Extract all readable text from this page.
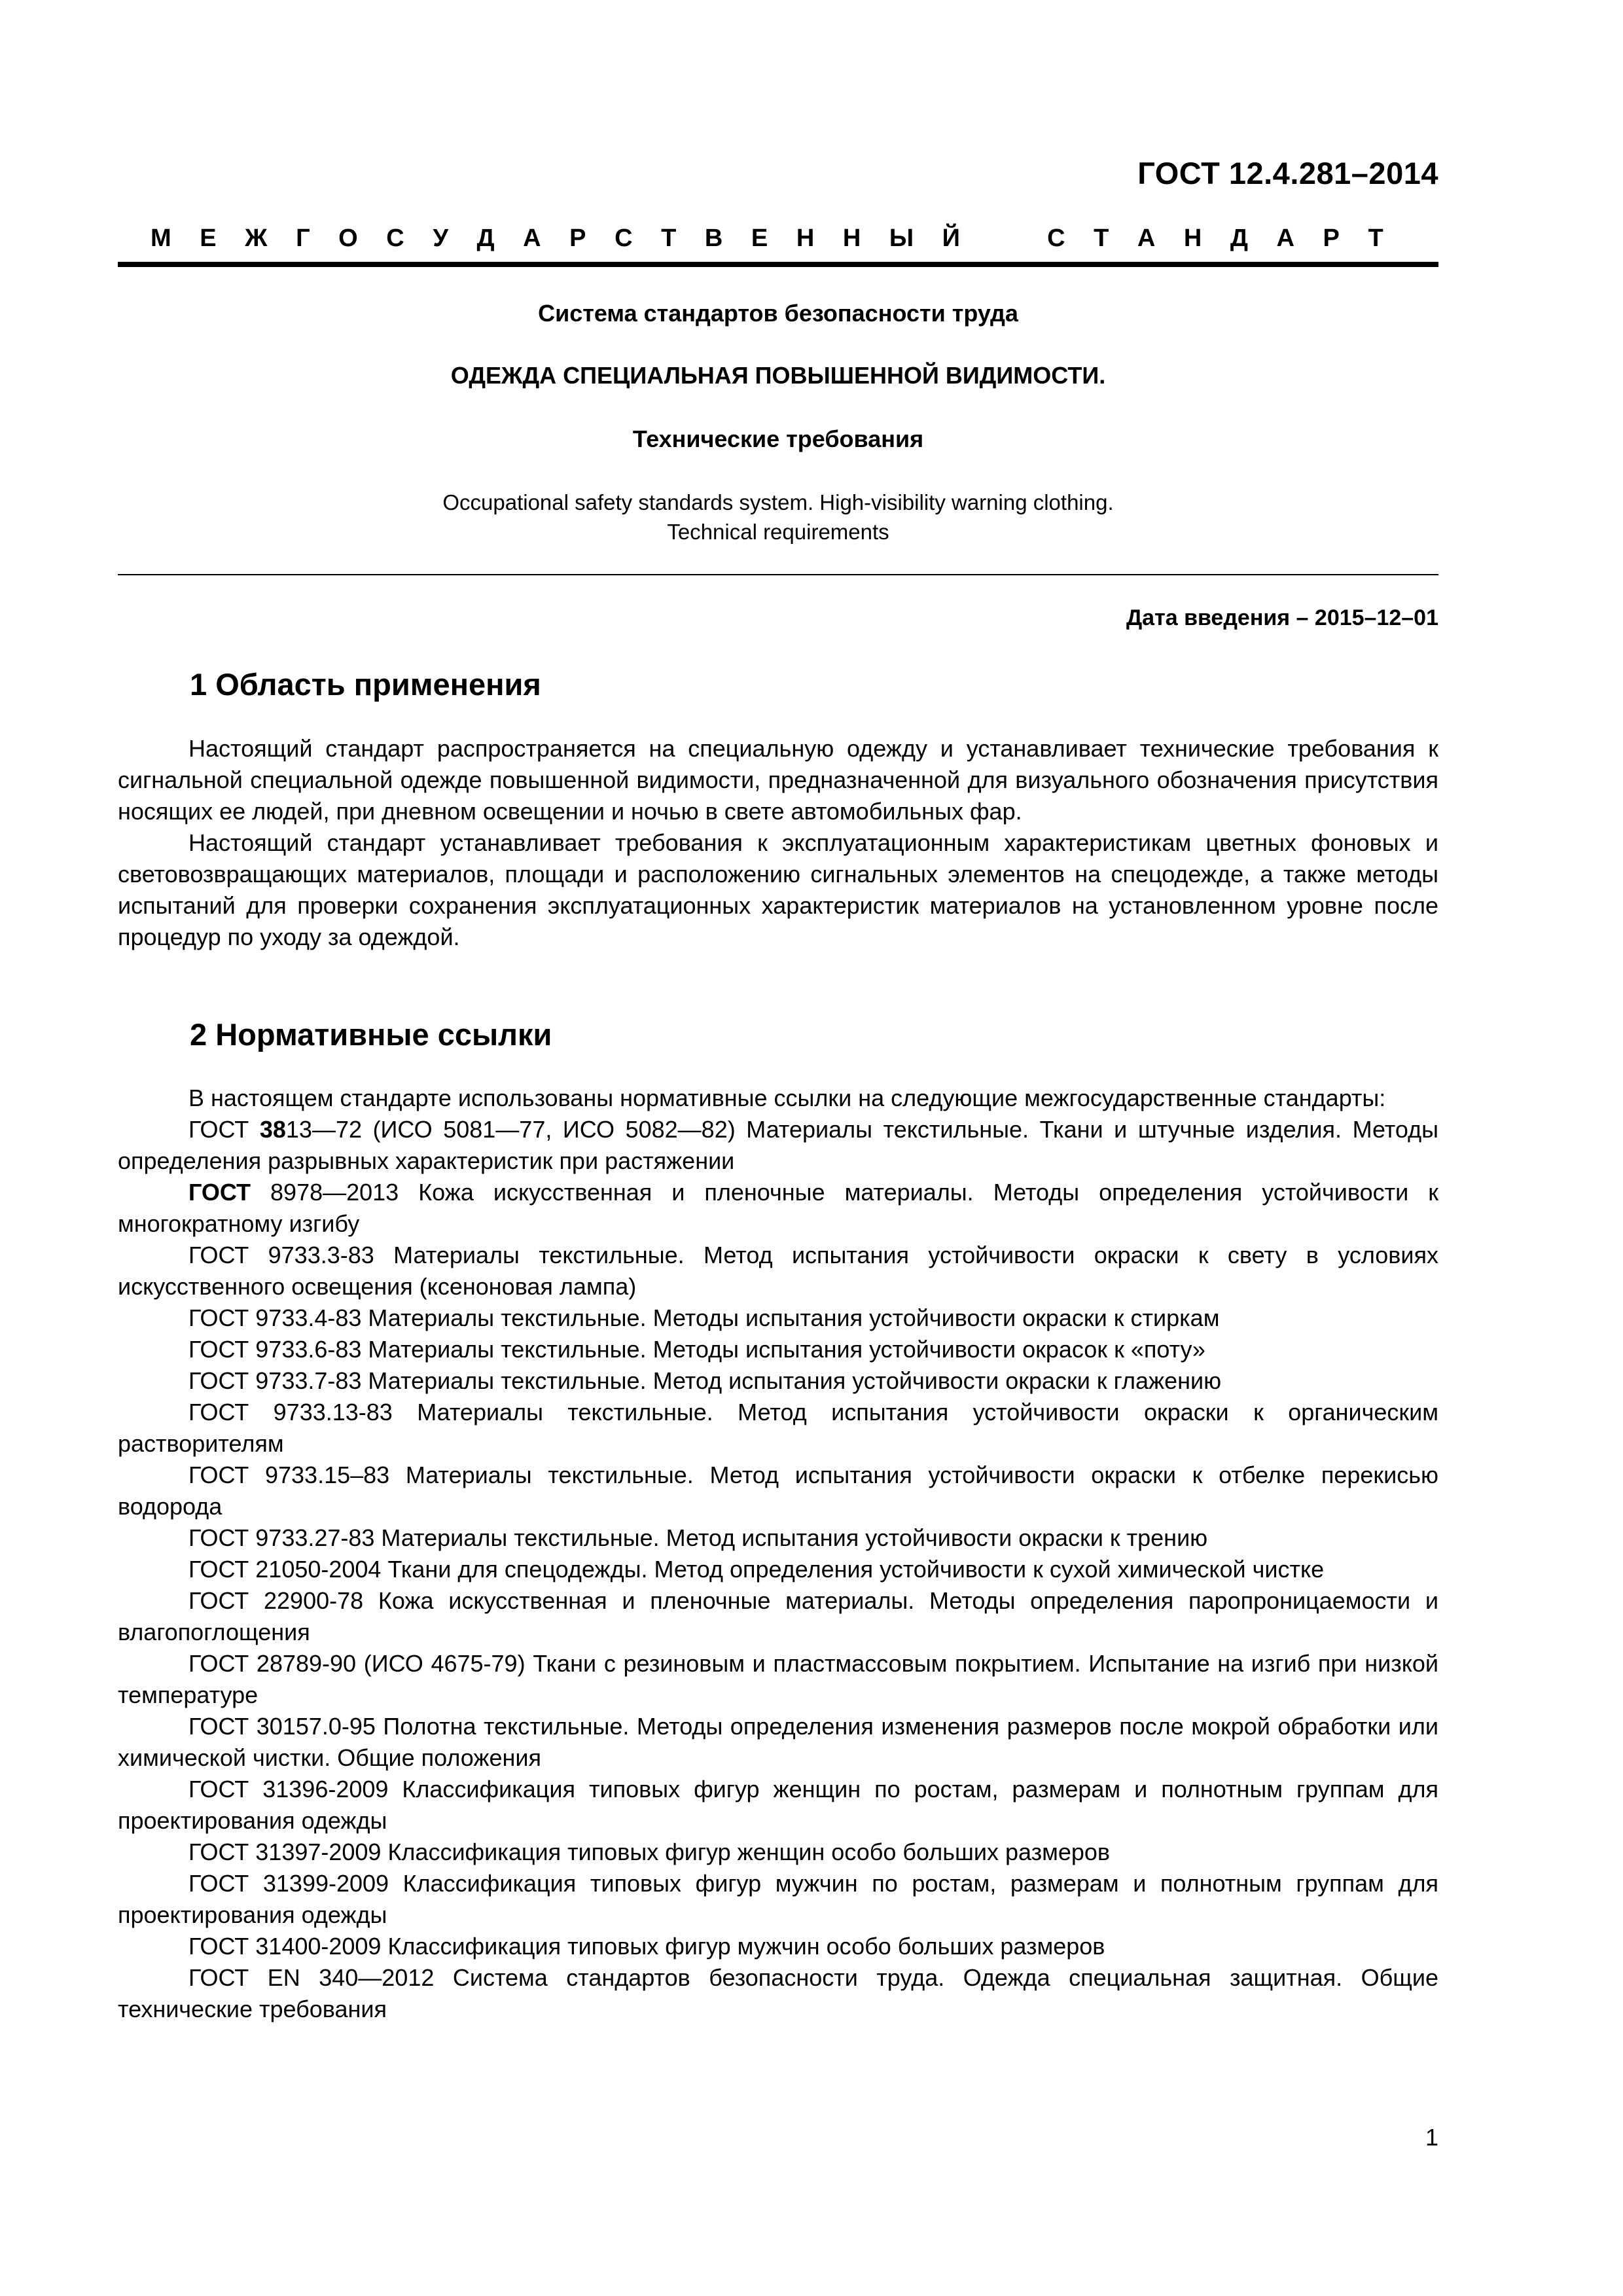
ГОСТ 12.4.281–2014
М Е Ж Г О С У Д А Р С Т В Е Н Н Ы Й	С Т А Н Д А Р Т
Система стандартов безопасности труда
ОДЕЖДА СПЕЦИАЛЬНАЯ ПОВЫШЕННОЙ ВИДИМОСТИ.
Технические требования
Occupational safety standards system. High-visibility warning clothing.
Technical requirements
Дата введения – 2015–12–01
1 Область применения

Настоящий стандарт распространяется на специальную одежду и устанавливает технические требования к сигнальной специальной одежде повышенной видимости, предназначенной для визуального обозначения присутствия носящих ее людей, при дневном освещении и ночью в свете автомобильных фар.

Настоящий стандарт устанавливает требования к эксплуатационным характеристикам цветных фоновых и световозвращающих материалов, площади и расположению сигнальных элементов на спецодежде, а также методы испытаний для проверки сохранения эксплуатационных характеристик материалов на установленном уровне после процедур по уходу за одеждой.

2 Нормативные ссылки

В настоящем стандарте использованы нормативные ссылки на следующие межгосударственные стандарты:

ГОСТ 3813—72 (ИСО 5081—77, ИСО 5082—82) Материалы текстильные. Ткани и штучные изделия. Методы определения разрывных характеристик при растяжении

ГОСТ 8978—2013 Кожа искусственная и пленочные материалы. Методы определения устойчивости к многократному изгибу

ГОСТ 9733.3-83 Материалы текстильные. Метод испытания устойчивости окраски к свету в условиях искусственного освещения (ксеноновая лампа)

ГОСТ 9733.4-83 Материалы текстильные. Методы испытания устойчивости окраски к стиркам

ГОСТ 9733.6-83 Материалы текстильные. Методы испытания устойчивости окрасок к «поту»

ГОСТ 9733.7-83 Материалы текстильные. Метод испытания устойчивости окраски к глажению

ГОСТ 9733.13-83 Материалы текстильные. Метод испытания устойчивости окраски к органическим растворителям

ГОСТ 9733.15–83 Материалы текстильные. Метод испытания устойчивости окраски к отбелке перекисью водорода

ГОСТ 9733.27-83 Материалы текстильные. Метод испытания устойчивости окраски к трению

ГОСТ 21050-2004 Ткани для спецодежды. Метод определения устойчивости к сухой химической чистке

ГОСТ 22900-78 Кожа искусственная и пленочные материалы. Методы определения паропроницаемости и влагопоглощения

ГОСТ 28789-90 (ИСО 4675-79) Ткани с резиновым и пластмассовым покрытием. Испытание на изгиб при низкой температуре

ГОСТ 30157.0-95 Полотна текстильные. Методы определения изменения размеров после мокрой обработки или химической чистки. Общие положения

ГОСТ 31396-2009 Классификация типовых фигур женщин по ростам, размерам и полнотным группам для проектирования одежды

ГОСТ 31397-2009 Классификация типовых фигур женщин особо больших размеров

ГОСТ 31399-2009 Классификация типовых фигур мужчин по ростам, размерам и полнотным группам для проектирования одежды

ГОСТ 31400-2009 Классификация типовых фигур мужчин особо больших размеров

ГОСТ EN 340—2012 Система стандартов безопасности труда. Одежда специальная защитная. Общие технические требования

1
